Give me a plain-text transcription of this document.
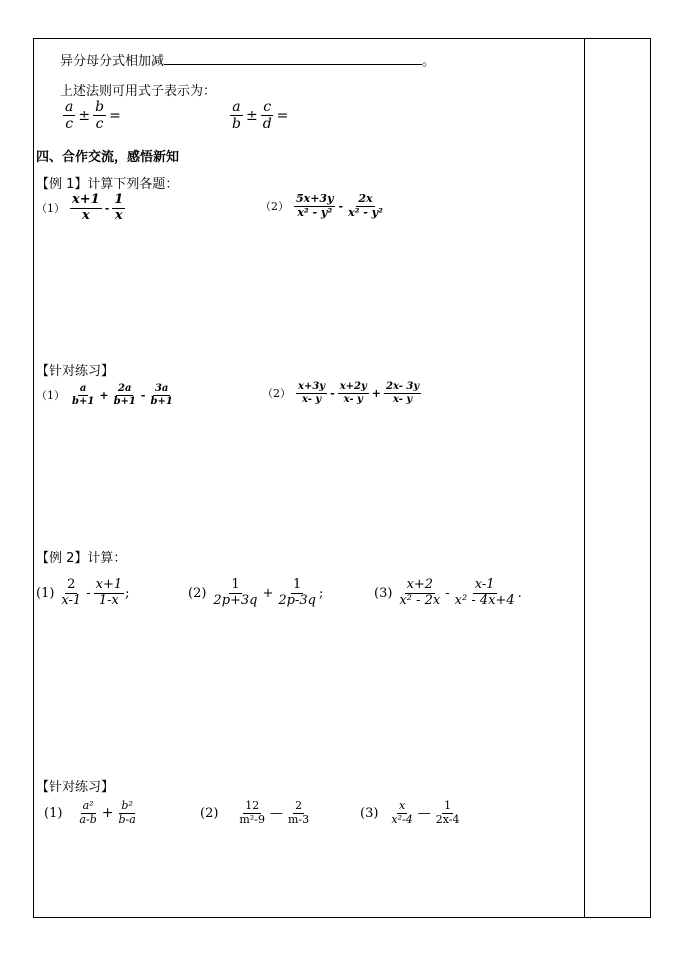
异分母分式相加减	。
上述法则可用式子表示为：
$\frac{a}{c} \pm \frac{b}{c}$ =	$\frac{a}{b} \pm \frac{c}{d}$ =
四、合作交流，感悟新知
【例 1】计算下列各题：
$(1) \frac{x+1}{x} - \frac{1}{x}$	$(2) \frac{5x+3y}{\text{x² - y²}} - \frac{2x}{\text{x² - y²}}$
【针对练习】
$(1) \frac{a}{b+1} + \frac{2a}{b+1} - \frac{3a}{b+1}$	$(2) \frac{x+3y}{x- y} - \frac{x+2y}{x- y} + \frac{2x- 3y}{x- y}$
【例 2】计算：
$(1) \frac{2}{x-1} - \frac{x+1}{1-x}$ ;	$(2) \frac{1}{2p+3q} + \frac{1}{2p-3q}$ ;	$(3) \frac{x+2}{\text{x² - 2x}} - \frac{x-1}{\text{x² - 4x+4}}$ .
【针对练习】
$(1) \frac{\text{a²}}{a-b} + \frac{\text{b²}}{b-a}$	$(2) \frac{12}{\text{m²-9}}$ — $\frac{2}{m-3}$	$(3) \frac{x}{\text{x²-4}}$ — $\frac{1}{2x-4}$
